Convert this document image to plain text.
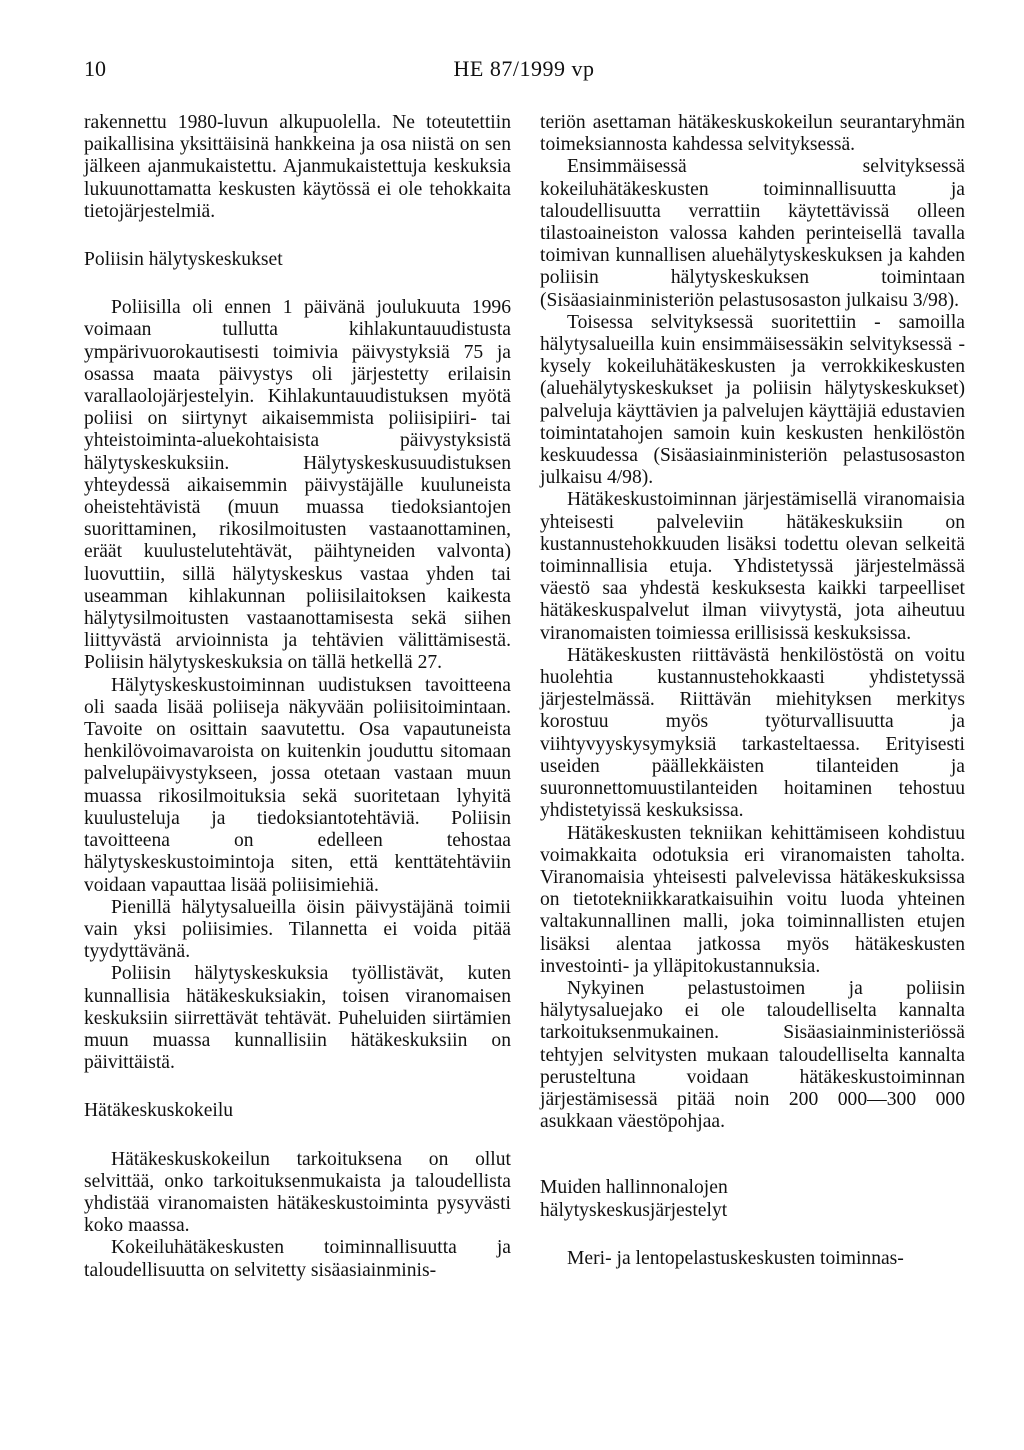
10	HE 87/1999 vp

rakennettu 1980-luvun alkupuolella. Ne toteutettiin paikallisina yksittäisinä hankkeina ja osa niistä on sen jälkeen ajanmukaistettu. Ajanmukaistettuja keskuksia lukuunottamatta keskusten käytössä ei ole tehokkaita tietojärjestelmiä.

Poliisin hälytyskeskukset

Poliisilla oli ennen 1 päivänä joulukuuta 1996 voimaan tullutta kihlakuntauudistusta ympärivuorokautisesti toimivia päivystyksiä 75 ja osassa maata päivystys oli järjestetty erilaisin varallaolojärjestelyin. Kihlakuntauudistuksen myötä poliisi on siirtynyt aikaisemmista poliisipiiri- tai yhteistoiminta-aluekohtaisista päivystyksistä hälytyskeskuksiin. Hälytyskeskusuudistuksen yhteydessä aikaisemmin päivystäjälle kuuluneista oheistehtävistä (muun muassa tiedoksiantojen suorittaminen, rikosilmoitusten vastaanottaminen, eräät kuulustelutehtävät, päihtyneiden valvonta) luovuttiin, sillä hälytyskeskus vastaa yhden tai useamman kihlakunnan poliisilaitoksen kaikesta hälytysilmoitusten vastaanottamisesta sekä siihen liittyvästä arvioinnista ja tehtävien välittämisestä. Poliisin hälytyskeskuksia on tällä hetkellä 27.

Hälytyskeskustoiminnan uudistuksen tavoitteena oli saada lisää poliiseja näkyvään poliisitoimintaan. Tavoite on osittain saavutettu. Osa vapautuneista henkilövoimavaroista on kuitenkin jouduttu sitomaan palvelupäivystykseen, jossa otetaan vastaan muun muassa rikosilmoituksia sekä suoritetaan lyhyitä kuulusteluja ja tiedoksiantotehtäviä. Poliisin tavoitteena on edelleen tehostaa hälytyskeskustoimintoja siten, että kenttätehtäviin voidaan vapauttaa lisää poliisimiehiä.

Pienillä hälytysalueilla öisin päivystäjänä toimii vain yksi poliisimies. Tilannetta ei voida pitää tyydyttävänä.

Poliisin hälytyskeskuksia työllistävät, kuten kunnallisia hätäkeskuksiakin, toisen viranomaisen keskuksiin siirrettävät tehtävät. Puheluiden siirtämien muun muassa kunnallisiin hätäkeskuksiin on päivittäistä.

Hätäkeskuskokeilu

Hätäkeskuskokeilun tarkoituksena on ollut selvittää, onko tarkoituksenmukaista ja taloudellista yhdistää viranomaisten hätäkeskustoiminta pysyvästi koko maassa.

Kokeiluhätäkeskusten toiminnallisuutta ja taloudellisuutta on selvitetty sisäasiainminis-

teriön asettaman hätäkeskuskokeilun seurantaryhmän toimeksiannosta kahdessa selvityksessä.

Ensimmäisessä selvityksessä kokeiluhätäkeskusten toiminnallisuutta ja taloudellisuutta verrattiin käytettävissä olleen tilastoaineiston valossa kahden perinteisellä tavalla toimivan kunnallisen aluehälytyskeskuksen ja kahden poliisin hälytyskeskuksen toimintaan (Sisäasiainministeriön pelastusosaston julkaisu 3/98).

Toisessa selvityksessä suoritettiin - samoilla hälytysalueilla kuin ensimmäisessäkin selvityksessä - kysely kokeiluhätäkeskusten ja verrokkikeskusten (aluehälytyskeskukset ja poliisin hälytyskeskukset) palveluja käyttävien ja palvelujen käyttäjiä edustavien toimintatahojen samoin kuin keskusten henkilöstön keskuudessa (Sisäasiainministeriön pelastusosaston julkaisu 4/98).

Hätäkeskustoiminnan järjestämisellä viranomaisia yhteisesti palveleviin hätäkeskuksiin on kustannustehokkuuden lisäksi todettu olevan selkeitä toiminnallisia etuja. Yhdistetyssä järjestelmässä väestö saa yhdestä keskuksesta kaikki tarpeelliset hätäkeskuspalvelut ilman viivytystä, jota aiheutuu viranomaisten toimiessa erillisissä keskuksissa.

Hätäkeskusten riittävästä henkilöstöstä on voitu huolehtia kustannustehokkaasti yhdistetyssä järjestelmässä. Riittävän miehityksen merkitys korostuu myös työturvallisuutta ja viihtyvyyskysymyksiä tarkasteltaessa. Erityisesti useiden päällekkäisten tilanteiden ja suuronnettomuustilanteiden hoitaminen tehostuu yhdistetyissä keskuksissa.

Hätäkeskusten tekniikan kehittämiseen kohdistuu voimakkaita odotuksia eri viranomaisten taholta. Viranomaisia yhteisesti palvelevissa hätäkeskuksissa on tietotekniikkaratkaisuihin voitu luoda yhteinen valtakunnallinen malli, joka toiminnallisten etujen lisäksi alentaa jatkossa myös hätäkeskusten investointi- ja ylläpitokustannuksia.

Nykyinen pelastustoimen ja poliisin hälytysaluejako ei ole taloudelliselta kannalta tarkoituksenmukainen. Sisäasiainministeriössä tehtyjen selvitysten mukaan taloudelliselta kannalta perusteltuna voidaan hätäkeskustoiminnan järjestämisessä pitää noin 200 000—300 000 asukkaan väestöpohjaa.

Muiden hallinnonalojen
hälytyskeskusjärjestelyt

Meri- ja lentopelastuskeskusten toiminnas-
